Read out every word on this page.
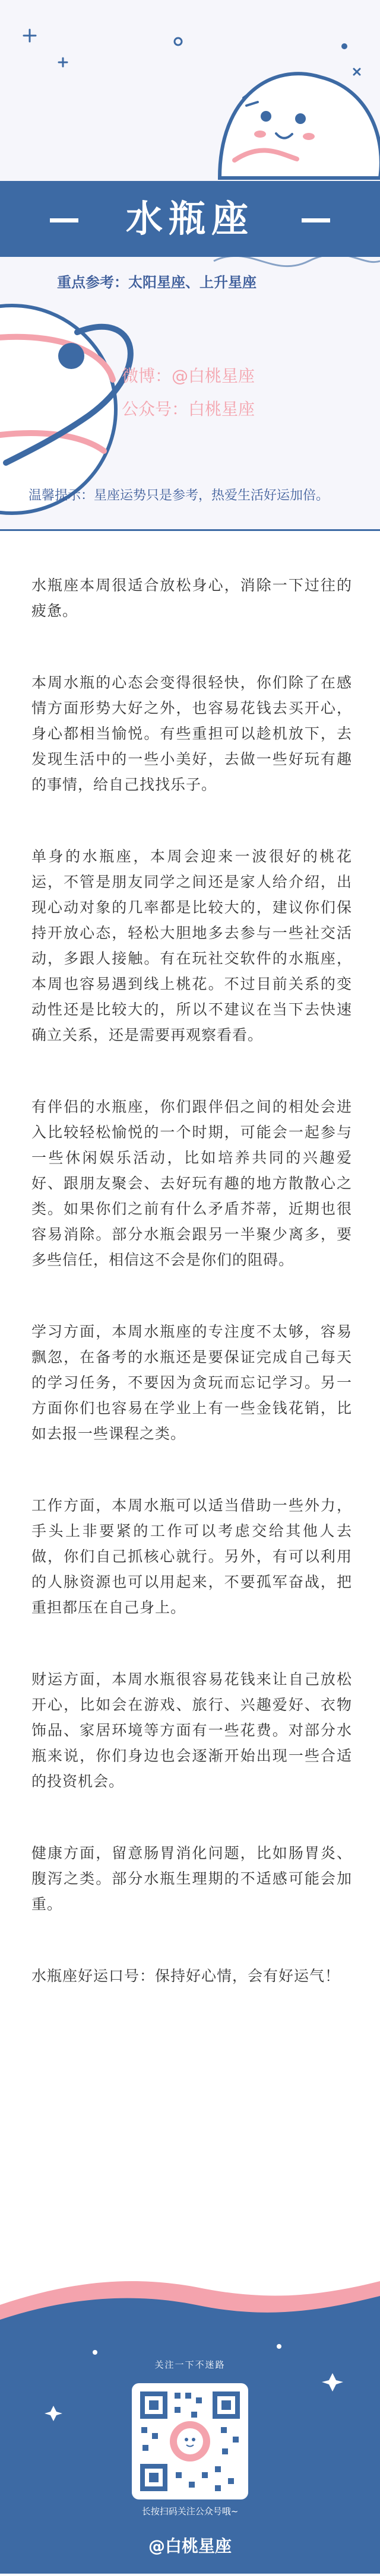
水瓶座
重点参考：太阳星座、上升星座
微博：@白桃星座
公众号：白桃星座
温馨提示：星座运势只是参考，热爱生活好运加倍。

水瓶座本周很适合放松身心，消除一下过往的疲惫。

本周水瓶的心态会变得很轻快，你们除了在感情方面形势大好之外，也容易花钱去买开心，身心都相当愉悦。有些重担可以趁机放下，去发现生活中的一些小美好，去做一些好玩有趣的事情，给自己找找乐子。

单身的水瓶座，本周会迎来一波很好的桃花运，不管是朋友同学之间还是家人给介绍，出现心动对象的几率都是比较大的，建议你们保持开放心态，轻松大胆地多去参与一些社交活动，多跟人接触。有在玩社交软件的水瓶座，本周也容易遇到线上桃花。不过目前关系的变动性还是比较大的，所以不建议在当下去快速确立关系，还是需要再观察看看。

有伴侣的水瓶座，你们跟伴侣之间的相处会进入比较轻松愉悦的一个时期，可能会一起参与一些休闲娱乐活动，比如培养共同的兴趣爱好、跟朋友聚会、去好玩有趣的地方散散心之类。如果你们之前有什么矛盾芥蒂，近期也很容易消除。部分水瓶会跟另一半聚少离多，要多些信任，相信这不会是你们的阻碍。

学习方面，本周水瓶座的专注度不太够，容易飘忽，在备考的水瓶还是要保证完成自己每天的学习任务，不要因为贪玩而忘记学习。另一方面你们也容易在学业上有一些金钱花销，比如去报一些课程之类。

工作方面，本周水瓶可以适当借助一些外力，手头上非要紧的工作可以考虑交给其他人去做，你们自己抓核心就行。另外，有可以利用的人脉资源也可以用起来，不要孤军奋战，把重担都压在自己身上。

财运方面，本周水瓶很容易花钱来让自己放松开心，比如会在游戏、旅行、兴趣爱好、衣物饰品、家居环境等方面有一些花费。对部分水瓶来说，你们身边也会逐渐开始出现一些合适的投资机会。

健康方面，留意肠胃消化问题，比如肠胃炎、腹泻之类。部分水瓶生理期的不适感可能会加重。

水瓶座好运口号：保持好心情，会有好运气！

关注一下不迷路
长按扫码关注公众号哦~
@白桃星座
